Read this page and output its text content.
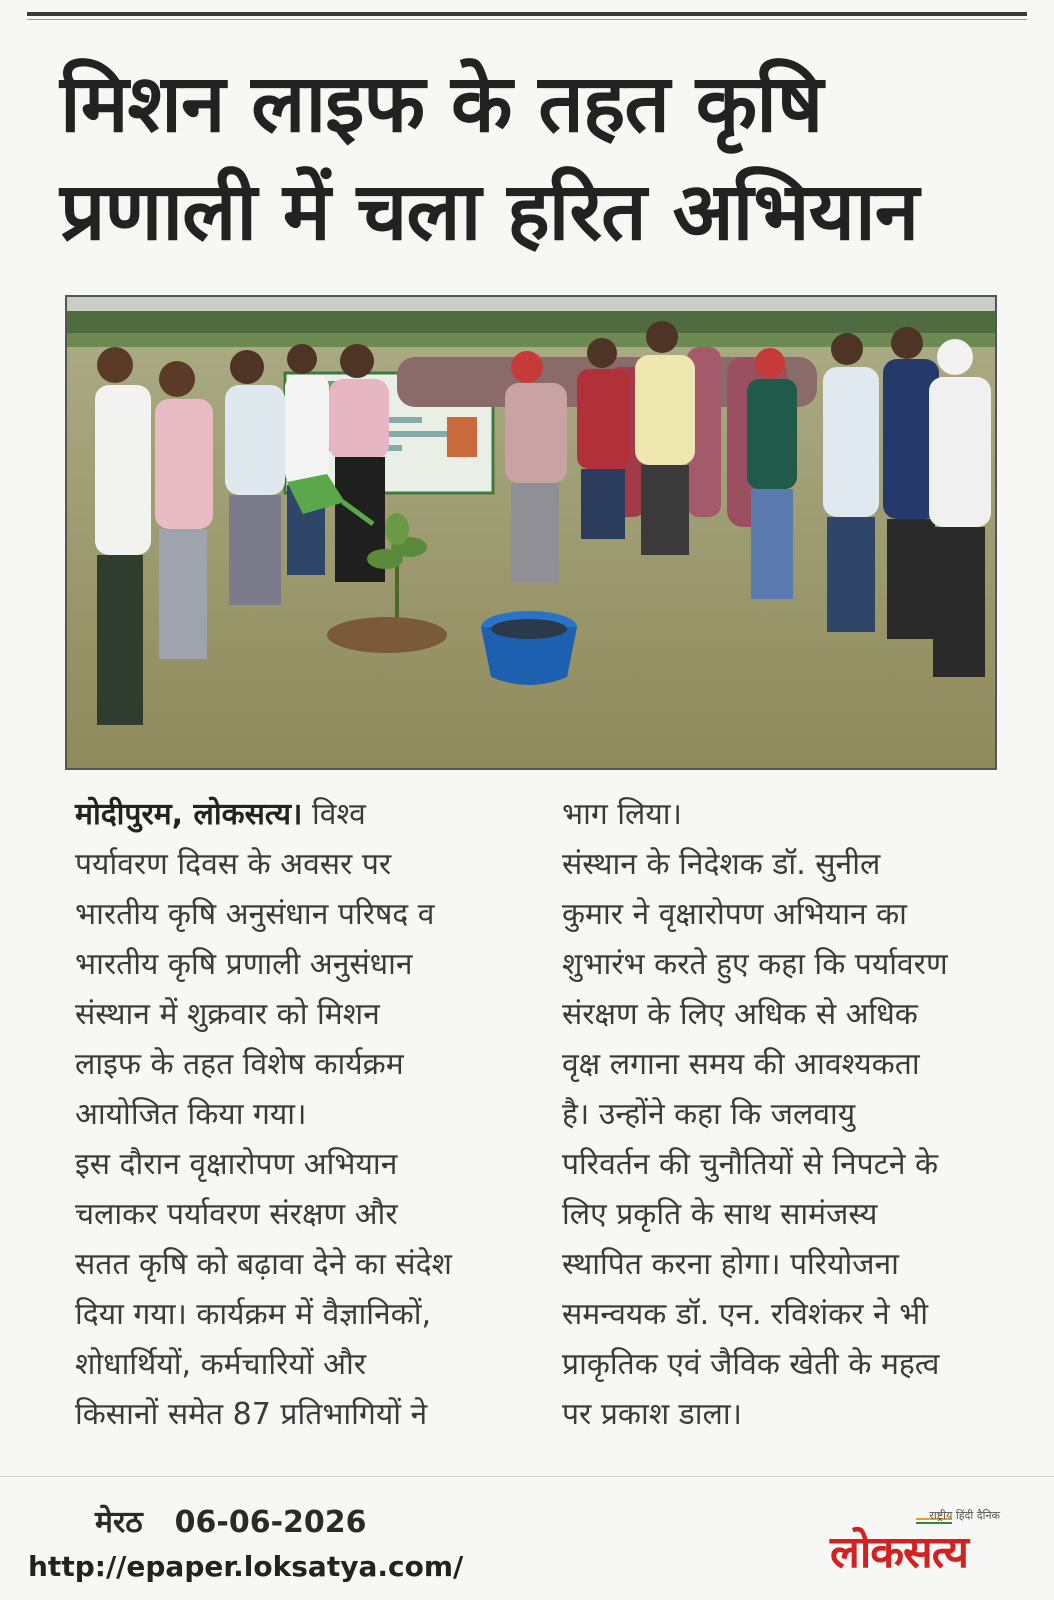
मिशन लाइफ के तहत कृषि
प्रणाली में चला हरित अभियान

मोदीपुरम, लोकसत्य। विश्व

पर्यावरण दिवस के अवसर पर

भारतीय कृषि अनुसंधान परिषद व

भारतीय कृषि प्रणाली अनुसंधान

संस्थान में शुक्रवार को मिशन

लाइफ के तहत विशेष कार्यक्रम

आयोजित किया गया।

इस दौरान वृक्षारोपण अभियान

चलाकर पर्यावरण संरक्षण और

सतत कृषि को बढ़ावा देने का संदेश

दिया गया। कार्यक्रम में वैज्ञानिकों,

शोधार्थियों, कर्मचारियों और

किसानों समेत 87 प्रतिभागियों ने

भाग लिया।

संस्थान के निदेशक डॉ. सुनील

कुमार ने वृक्षारोपण अभियान का

शुभारंभ करते हुए कहा कि पर्यावरण

संरक्षण के लिए अधिक से अधिक

वृक्ष लगाना समय की आवश्यकता

है। उन्होंने कहा कि जलवायु

परिवर्तन की चुनौतियों से निपटने के

लिए प्रकृति के साथ सामंजस्य

स्थापित करना होगा। परियोजना

समन्वयक डॉ. एन. रविशंकर ने भी

प्राकृतिक एवं जैविक खेती के महत्व

पर प्रकाश डाला।

मेरठ 06-06-2026
http://epaper.loksatya.com/
राष्ट्रीय हिंदी दैनिक
लोकसत्य
